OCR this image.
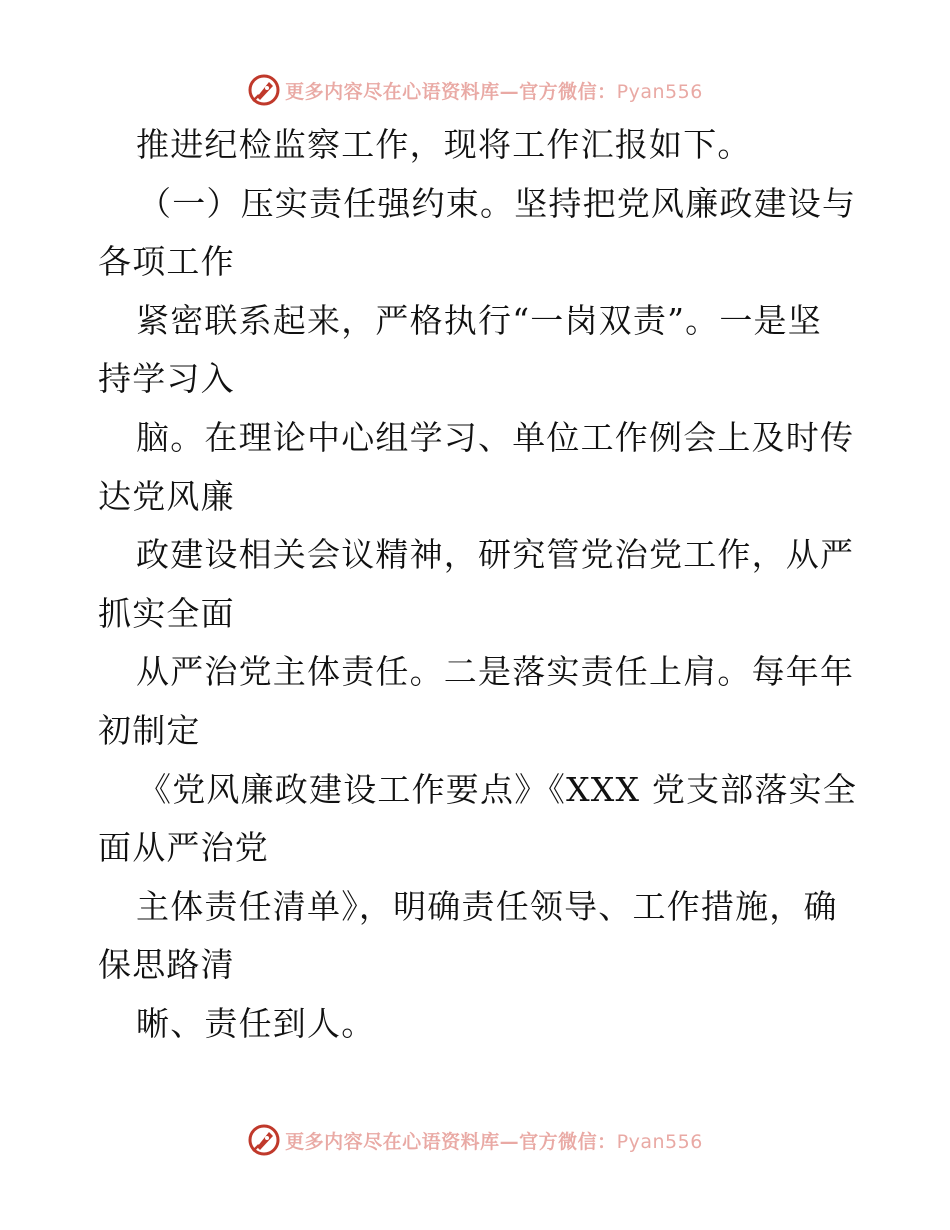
更多内容尽在心语资料库—官方微信：Pyan556
推进纪检监察工作，现将工作汇报如下。
（一）压实责任强约束。坚持把党风廉政建设与
各项工作
紧密联系起来，严格执行“一岗双责”。一是坚
持学习入
脑。在理论中心组学习、单位工作例会上及时传
达党风廉
政建设相关会议精神，研究管党治党工作，从严
抓实全面
从严治党主体责任。二是落实责任上肩。每年年
初制定
《党风廉政建设工作要点》《XXX 党支部落实全
面从严治党
主体责任清单》，明确责任领导、工作措施，确
保思路清
晰、责任到人。
更多内容尽在心语资料库—官方微信：Pyan556
